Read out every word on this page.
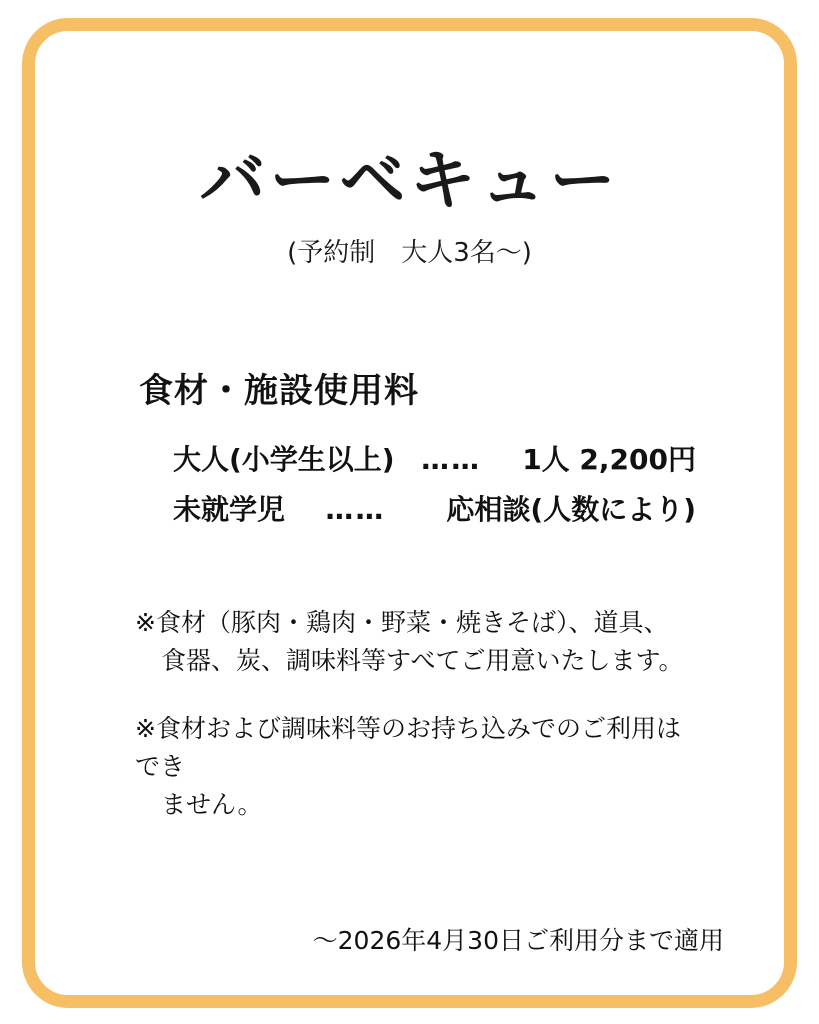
バーベキュー
(予約制　大人3名〜)
食材・施設使用料
大人(小学生以上) ……	1人 2,200円
未就学児	……	応相談(人数により)
※食材（豚肉・鶏肉・野菜・焼きそば）、道具、
食器、炭、調味料等すべてご用意いたします。
※食材および調味料等のお持ち込みでのご利用はでき
ません。
〜2026年4月30日ご利用分まで適用
